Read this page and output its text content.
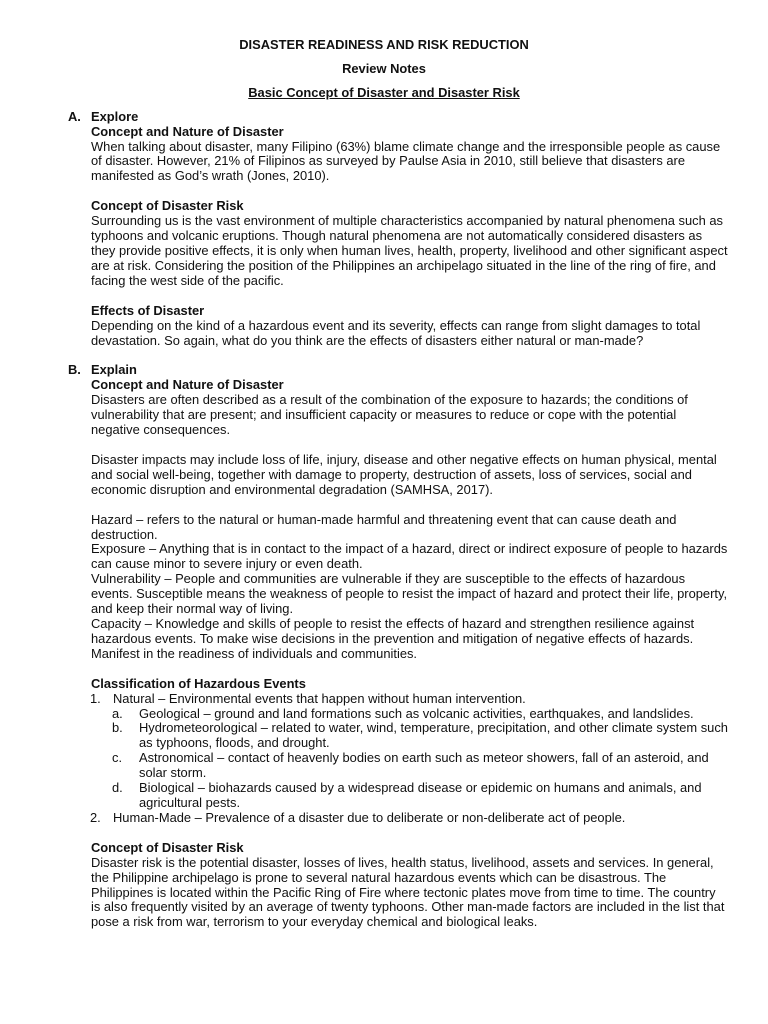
DISASTER READINESS AND RISK REDUCTION
Review Notes
Basic Concept of Disaster and Disaster Risk
A. Explore
Concept and Nature of Disaster

When talking about disaster, many Filipino (63%) blame climate change and the irresponsible people as cause of disaster. However, 21% of Filipinos as surveyed by Paulse Asia in 2010, still believe that disasters are manifested as God’s wrath (Jones, 2010).

Concept of Disaster Risk

Surrounding us is the vast environment of multiple characteristics accompanied by natural phenomena such as typhoons and volcanic eruptions. Though natural phenomena are not automatically considered disasters as they provide positive effects, it is only when human lives, health, property, livelihood and other significant aspect are at risk. Considering the position of the Philippines an archipelago situated in the line of the ring of fire, and facing the west side of the pacific.

Effects of Disaster

Depending on the kind of a hazardous event and its severity, effects can range from slight damages to total devastation. So again, what do you think are the effects of disasters either natural or man-made?

B. Explain
Concept and Nature of Disaster

Disasters are often described as a result of the combination of the exposure to hazards; the conditions of vulnerability that are present; and insufficient capacity or measures to reduce or cope with the potential negative consequences.

Disaster impacts may include loss of life, injury, disease and other negative effects on human physical, mental and social well-being, together with damage to property, destruction of assets, loss of services, social and economic disruption and environmental degradation (SAMHSA, 2017).

Hazard – refers to the natural or human-made harmful and threatening event that can cause death and destruction.

Exposure – Anything that is in contact to the impact of a hazard, direct or indirect exposure of people to hazards can cause minor to severe injury or even death.

Vulnerability – People and communities are vulnerable if they are susceptible to the effects of hazardous events. Susceptible means the weakness of people to resist the impact of hazard and protect their life, property, and keep their normal way of living.

Capacity – Knowledge and skills of people to resist the effects of hazard and strengthen resilience against hazardous events. To make wise decisions in the prevention and mitigation of negative effects of hazards. Manifest in the readiness of individuals and communities.

Classification of Hazardous Events
1. Natural – Environmental events that happen without human intervention.
a. Geological – ground and land formations such as volcanic activities, earthquakes, and landslides.
b. Hydrometeorological – related to water, wind, temperature, precipitation, and other climate system such as typhoons, floods, and drought.
c. Astronomical – contact of heavenly bodies on earth such as meteor showers, fall of an asteroid, and solar storm.
d. Biological – biohazards caused by a widespread disease or epidemic on humans and animals, and agricultural pests.
2. Human-Made – Prevalence of a disaster due to deliberate or non-deliberate act of people.
Concept of Disaster Risk

Disaster risk is the potential disaster, losses of lives, health status, livelihood, assets and services. In general, the Philippine archipelago is prone to several natural hazardous events which can be disastrous. The Philippines is located within the Pacific Ring of Fire where tectonic plates move from time to time. The country is also frequently visited by an average of twenty typhoons. Other man-made factors are included in the list that pose a risk from war, terrorism to your everyday chemical and biological leaks.
